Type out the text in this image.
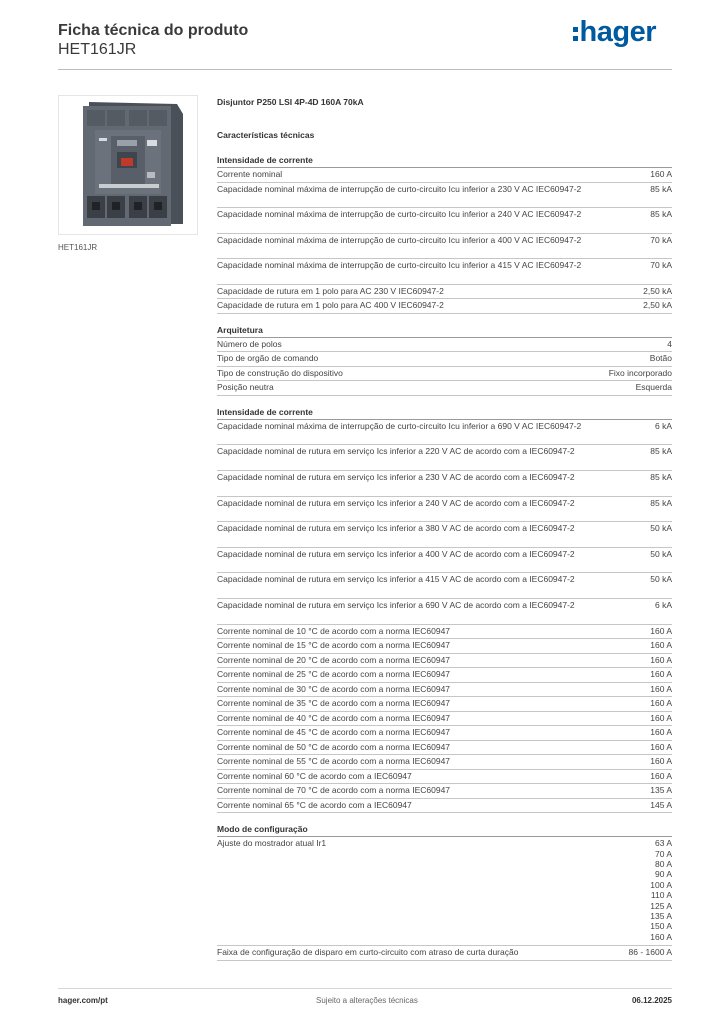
Ficha técnica do produto
HET161JR
hager
HET161JR
Disjuntor P250 LSI 4P-4D 160A 70kA
Características técnicas
Intensidade de corrente
Corrente nominal	160 A
Capacidade nominal máxima de interrupção de curto-circuito Icu inferior a 230 V AC IEC60947-2	85 kA
Capacidade nominal máxima de interrupção de curto-circuito Icu inferior a 240 V AC IEC60947-2	85 kA
Capacidade nominal máxima de interrupção de curto-circuito Icu inferior a 400 V AC IEC60947-2	70 kA
Capacidade nominal máxima de interrupção de curto-circuito Icu inferior a 415 V AC IEC60947-2	70 kA
Capacidade de rutura em 1 polo para AC 230 V IEC60947-2	2,50 kA
Capacidade de rutura em 1 polo para AC 400 V IEC60947-2	2,50 kA
Arquitetura
Número de polos	4
Tipo de orgão de comando	Botão
Tipo de construção do dispositivo	Fixo incorporado
Posição neutra	Esquerda
Intensidade de corrente
Capacidade nominal máxima de interrupção de curto-circuito Icu inferior a 690 V AC IEC60947-2	6 kA
Capacidade nominal de rutura em serviço Ics inferior a 220 V AC de acordo com a IEC60947-2	85 kA
Capacidade nominal de rutura em serviço Ics inferior a 230 V AC de acordo com a IEC60947-2	85 kA
Capacidade nominal de rutura em serviço Ics inferior a 240 V AC de acordo com a IEC60947-2	85 kA
Capacidade nominal de rutura em serviço Ics inferior a 380 V AC de acordo com a IEC60947-2	50 kA
Capacidade nominal de rutura em serviço Ics inferior a 400 V AC de acordo com a IEC60947-2	50 kA
Capacidade nominal de rutura em serviço Ics inferior a 415 V AC de acordo com a IEC60947-2	50 kA
Capacidade nominal de rutura em serviço Ics inferior a 690 V AC de acordo com a IEC60947-2	6 kA
Corrente nominal de 10 °C de acordo com a norma IEC60947	160 A
Corrente nominal de 15 °C de acordo com a norma IEC60947	160 A
Corrente nominal de 20 °C de acordo com a norma IEC60947	160 A
Corrente nominal de 25 °C de acordo com a norma IEC60947	160 A
Corrente nominal de 30 °C de acordo com a norma IEC60947	160 A
Corrente nominal de 35 °C de acordo com a norma IEC60947	160 A
Corrente nominal de 40 °C de acordo com a norma IEC60947	160 A
Corrente nominal de 45 °C de acordo com a norma IEC60947	160 A
Corrente nominal de 50 °C de acordo com a norma IEC60947	160 A
Corrente nominal de 55 °C de acordo com a norma IEC60947	160 A
Corrente nominal 60 °C de acordo com a IEC60947	160 A
Corrente nominal de 70 °C de acordo com a norma IEC60947	135 A
Corrente nominal 65 °C de acordo com a IEC60947	145 A
Modo de configuração
Ajuste do mostrador atual Ir1	63 A
70 A
80 A
90 A
100 A
110 A
125 A
135 A
150 A
160 A
Faixa de configuração de disparo em curto-circuito com atraso de curta duração	86 - 1600 A
hager.com/pt	Sujeito a alterações técnicas	06.12.2025
